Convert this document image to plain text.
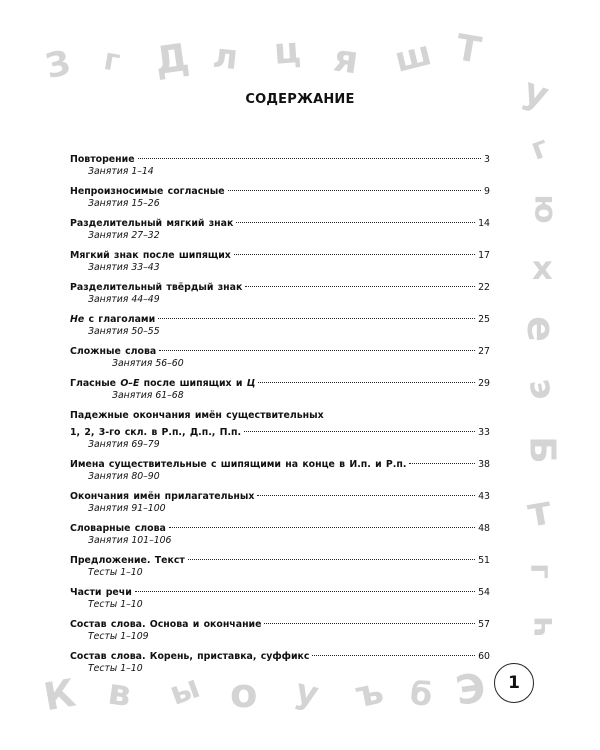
З г Д л ц я ш Т
у
г
ю
х
е
э
Б
т
г
ч
К в ы о у ъ б Э
СОДЕРЖАНИЕ
Повторение	3
Занятия 1–14
Непроизносимые согласные	9
Занятия 15–26
Разделительный мягкий знак	14
Занятия 27–32
Мягкий знак после шипящих	17
Занятия 33–43
Разделительный твёрдый знак	22
Занятия 44–49
Не с глаголами	25
Занятия 50–55
Сложные слова	27
Занятия 56–60
Гласные О–Е после шипящих и Ц	29
Занятия 61–68
Падежные окончания имён существительных
1, 2, 3-го скл. в Р.п., Д.п., П.п.	33
Занятия 69–79
Имена существительные с шипящими на конце в И.п. и Р.п.	38
Занятия 80–90
Окончания имён прилагательных	43
Занятия 91–100
Словарные слова	48
Занятия 101–106
Предложение. Текст	51
Тесты 1–10
Части речи	54
Тесты 1–10
Состав слова. Основа и окончание	57
Тесты 1–109
Состав слова. Корень, приставка, суффикс	60
Тесты 1–10
1
